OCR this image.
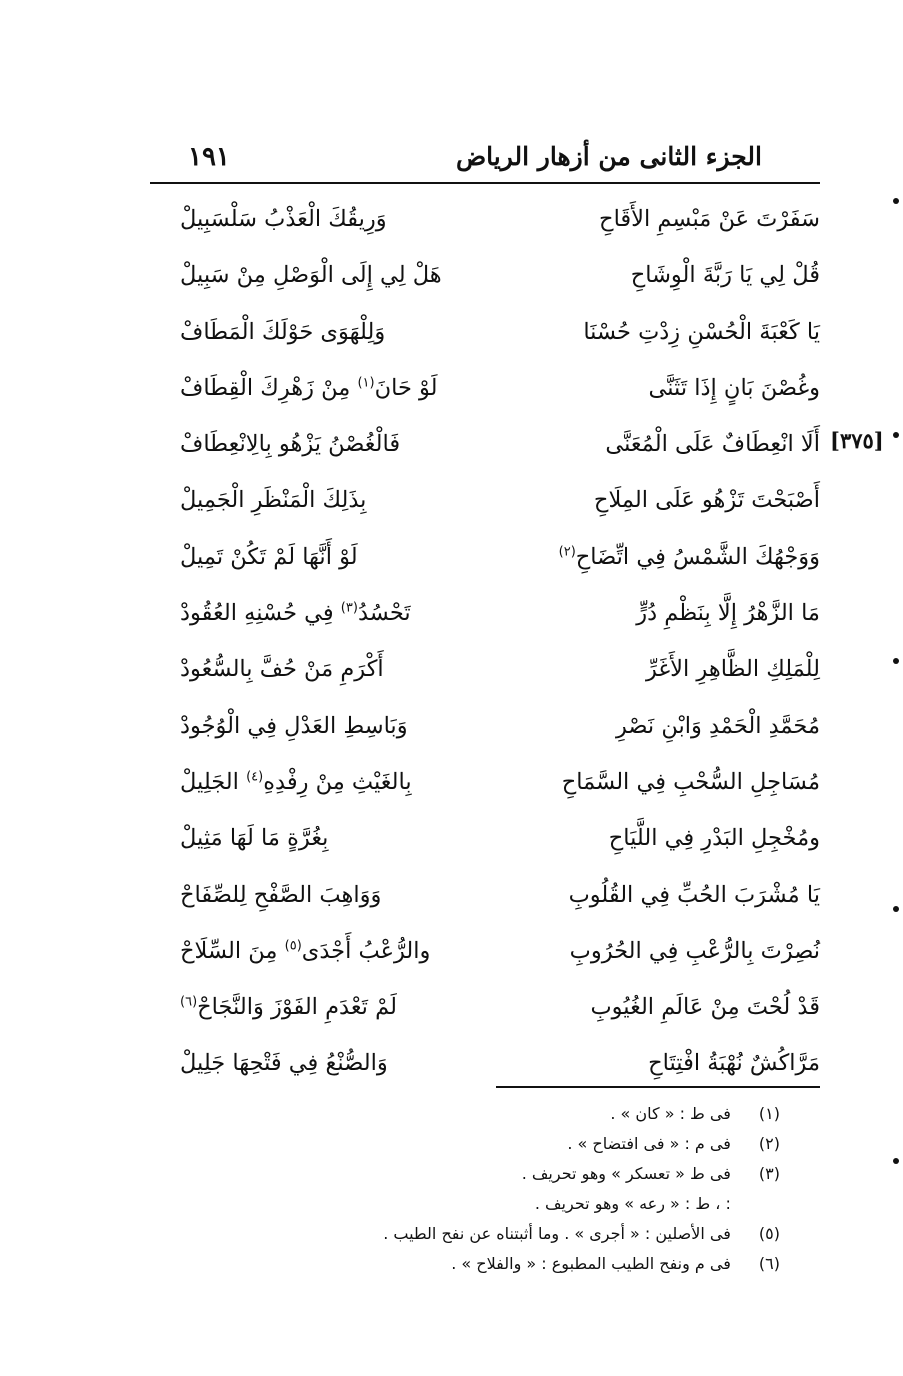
الجزء الثانى من أزهار الرياض
١٩١
[٣٧٥]
سَفَرْتَ عَنْ مَبْسِمِ الأَقَاحِ
وَرِيقُكَ الْعَذْبُ سَلْسَبِيلْ
قُلْ لِي يَا رَبَّةَ الْوِشَاحِ
هَلْ لِي إِلَى الْوَصْلِ مِنْ سَبِيلْ
يَا كَعْبَةَ الْحُسْنِ زِدْتِ حُسْنَا
وَلِلْهَوَى حَوْلَكَ الْمَطَافْ
وغُصْنَ بَانٍ إِذَا تَثَنَّى
لَوْ حَانَ$^{(١)}$ مِنْ زَهْرِكَ الْقِطَافْ
أَلَا انْعِطَافٌ عَلَى الْمُعَنَّى
فَالْغُصْنُ يَزْهُو بِالِانْعِطَافْ
أَصْبَحْتَ تَزْهُو عَلَى المِلَاحِ
بِذَلِكَ الْمَنْظَرِ الْجَمِيلْ
وَوَجْهُكَ الشَّمْسُ فِي اتِّضَاحِ$^{(٢)}$
لَوْ أَنَّهَا لَمْ تَكُنْ تَمِيلْ
مَا الزَّهْرُ إِلَّا بِنَظْمِ دُرٍّ
تَحْسُدُ$^{(٣)}$ فِي حُسْنِهِ العُقُودْ
لِلْمَلِكِ الظَّاهِرِ الأَغَرِّ
أَكْرَمِ مَنْ حُفَّ بِالسُّعُودْ
مُحَمَّدِ الْحَمْدِ وَابْنِ نَصْرِ
وَبَاسِطِ العَدْلِ فِي الْوُجُودْ
مُسَاجِلِ السُّحْبِ فِي السَّمَاحِ
بِالغَيْثِ مِنْ رِفْدِهِ$^{(٤)}$ الجَلِيلْ
ومُخْجِلِ البَدْرِ فِي اللَّيَاحِ
بِغُرَّةٍ مَا لَهَا مَثِيلْ
يَا مُشْرَبَ الحُبِّ فِي القُلُوبِ
وَوَاهِبَ الصَّفْحِ لِلصِّفَاحْ
نُصِرْتَ بِالرُّعْبِ فِي الحُرُوبِ
والرُّعْبُ أَجْدَى$^{(٥)}$ مِنَ السِّلَاحْ
قَدْ لُحْتَ مِنْ عَالَمِ الغُيُوبِ
لَمْ تَعْدَمِ الفَوْزَ وَالنَّجَاحْ$^{(٦)}$
مَرَّاكُشٌ نُهْبَةُ افْتِتَاحِ
وَالصُّنْعُ فِي فَتْحِهَا جَلِيلْ
(١) فى ط : « كان » .
(٢) فى م : « فى افتضاح » .
(٣) فى ط « تعسكر » وهو تحريف .
: ، ط : « رعه » وهو تحريف .
(٥) فى الأصلين : « أجرى » . وما أثبتناه عن نفح الطيب .
(٦) فى م ونفح الطيب المطبوع : « والفلاح » .
